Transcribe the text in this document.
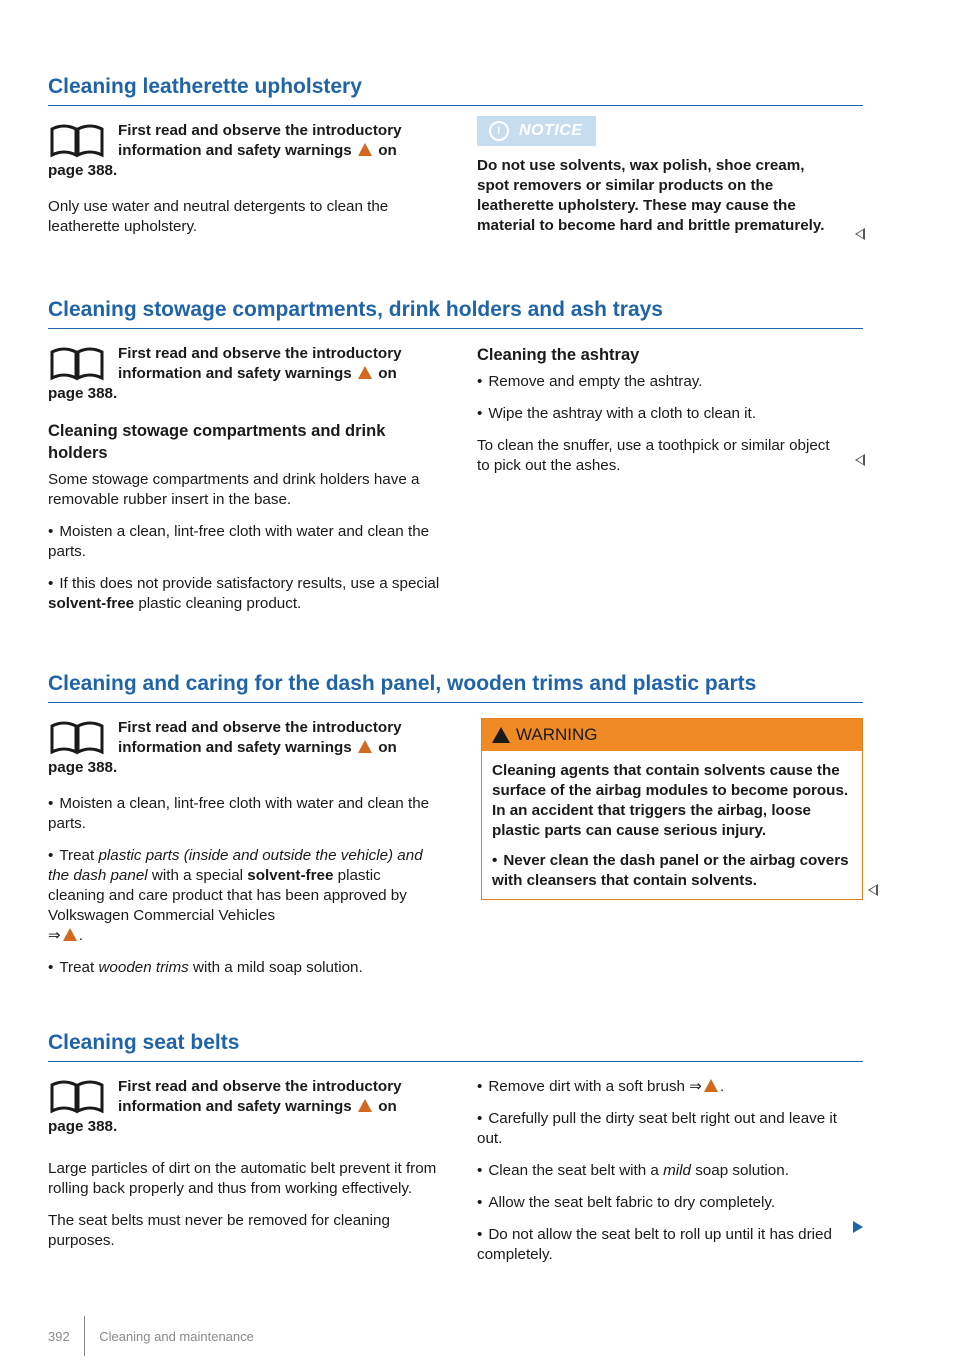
Cleaning leatherette upholstery
First read and observe the introductory
information and safety warnings on
page 388.

Only use water and neutral detergents to clean the leatherette upholstery.

!	NOTICE

Do not use solvents, wax polish, shoe cream, spot removers or similar products on the leatherette upholstery. These may cause the material to become hard and brittle prematurely.

Cleaning stowage compartments, drink holders and ash trays
First read and observe the introductory
information and safety warnings on
page 388.
Cleaning stowage compartments and drink holders

Some stowage compartments and drink holders have a removable rubber insert in the base.

• Moisten a clean, lint-free cloth with water and clean the parts.

• If this does not provide satisfactory results, use a special solvent-free plastic cleaning product.

Cleaning the ashtray

• Remove and empty the ashtray.

• Wipe the ashtray with a cloth to clean it.

To clean the snuffer, use a toothpick or similar object to pick out the ashes.

Cleaning and caring for the dash panel, wooden trims and plastic parts
First read and observe the introductory
information and safety warnings on
page 388.

• Moisten a clean, lint-free cloth with water and clean the parts.

• Treat plastic parts (inside and outside the vehicle) and the dash panel with a special solvent-free plastic cleaning and care product that has been approved by Volkswagen Commercial Vehicles
⇒ .

• Treat wooden trims with a mild soap solution.

WARNING

Cleaning agents that contain solvents cause the surface of the airbag modules to become porous. In an accident that triggers the airbag, loose plastic parts can cause serious injury.

• Never clean the dash panel or the airbag covers with cleansers that contain solvents.

Cleaning seat belts
First read and observe the introductory
information and safety warnings on
page 388.

Large particles of dirt on the automatic belt prevent it from rolling back properly and thus from working effectively.

The seat belts must never be removed for cleaning purposes.

• Remove dirt with a soft brush ⇒ .

• Carefully pull the dirty seat belt right out and leave it out.

• Clean the seat belt with a mild soap solution.

• Allow the seat belt fabric to dry completely.

• Do not allow the seat belt to roll up until it has dried completely.

392 Cleaning and maintenance
